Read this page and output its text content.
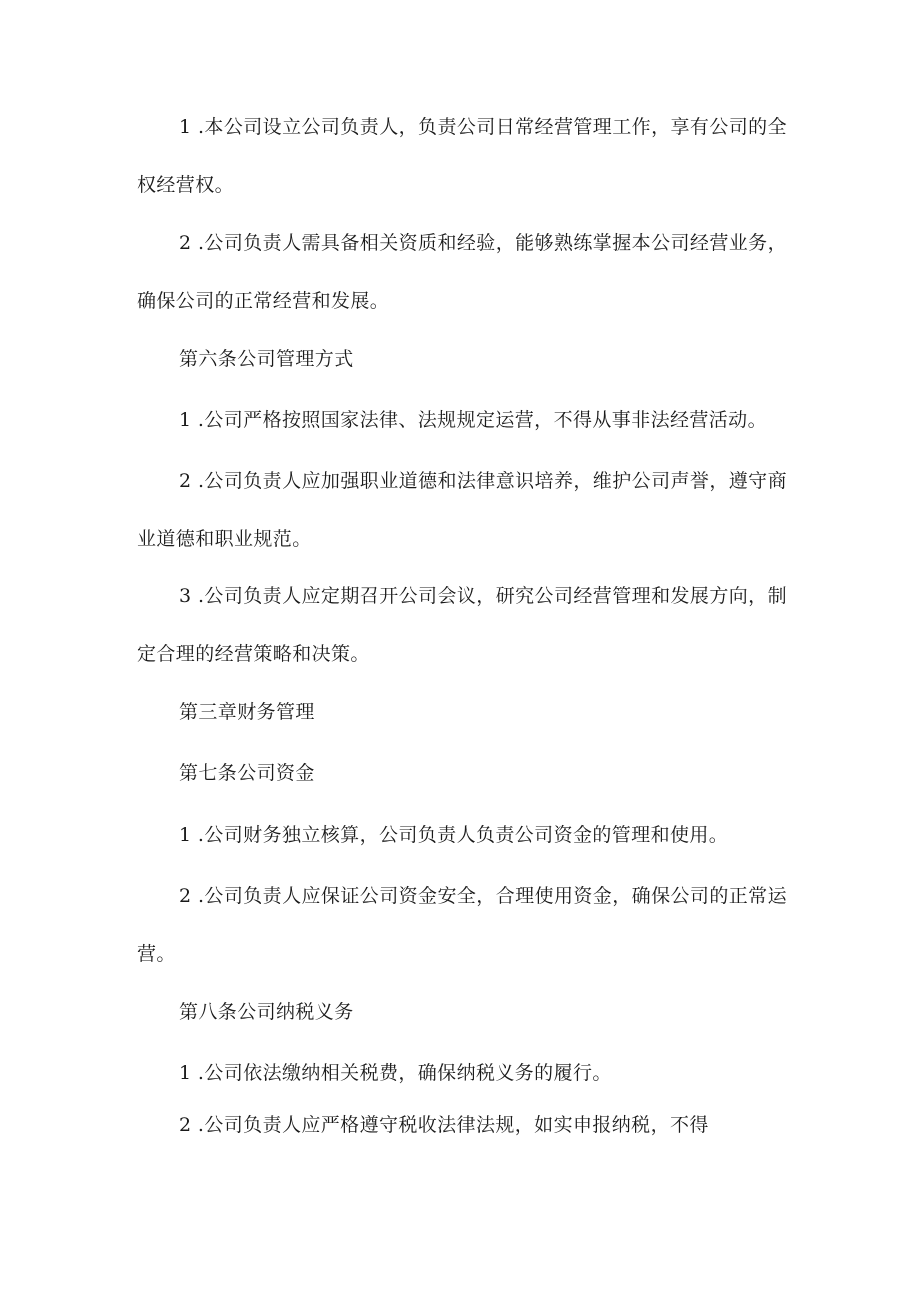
1 .本公司设立公司负责人，负责公司日常经营管理工作，享有公司的全权经营权。

2 .公司负责人需具备相关资质和经验，能够熟练掌握本公司经营业务，确保公司的正常经营和发展。

第六条公司管理方式

1 .公司严格按照国家法律、法规规定运营，不得从事非法经营活动。

2 .公司负责人应加强职业道德和法律意识培养，维护公司声誉，遵守商业道德和职业规范。

3 .公司负责人应定期召开公司会议，研究公司经营管理和发展方向，制定合理的经营策略和决策。

第三章财务管理

第七条公司资金

1 .公司财务独立核算，公司负责人负责公司资金的管理和使用。

2 .公司负责人应保证公司资金安全，合理使用资金，确保公司的正常运营。

第八条公司纳税义务

1 .公司依法缴纳相关税费，确保纳税义务的履行。

2 .公司负责人应严格遵守税收法律法规，如实申报纳税，不得
